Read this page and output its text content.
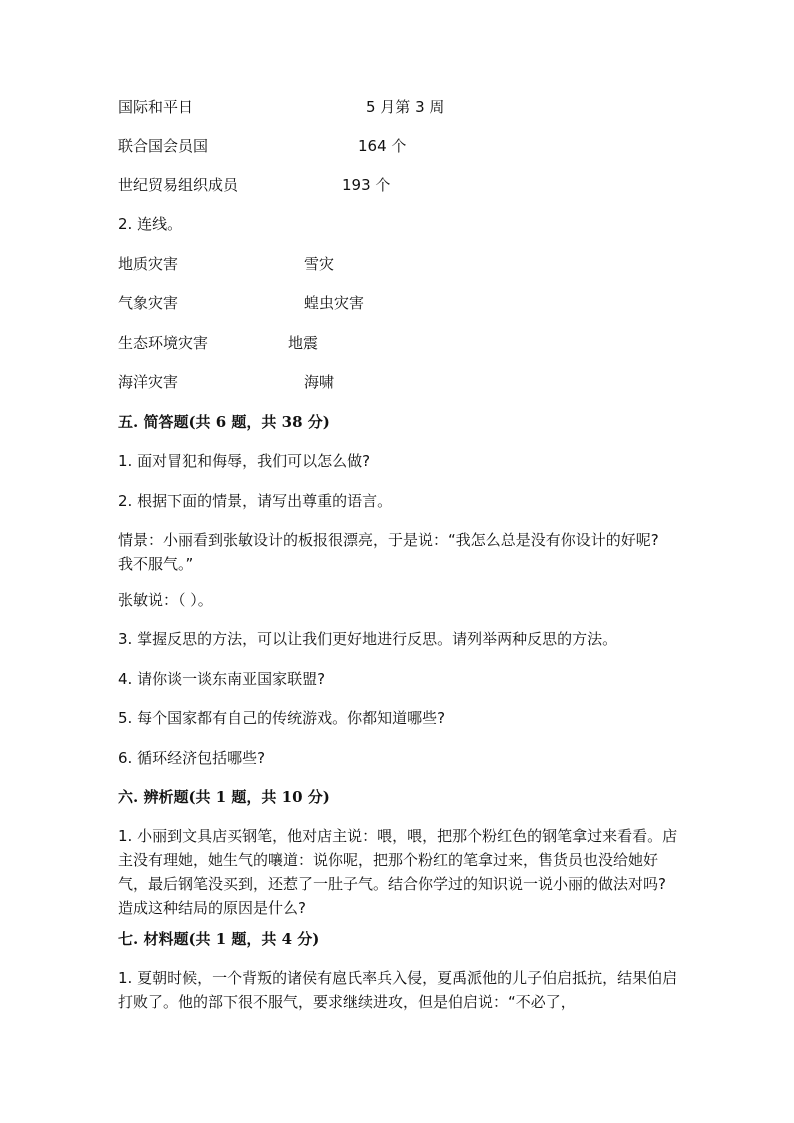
国际和平日	5 月第 3 周
联合国会员国	164 个
世纪贸易组织成员	193 个
2. 连线。
地质灾害	雪灾
气象灾害	蝗虫灾害
生态环境灾害	地震
海洋灾害	海啸
五. 简答题(共 6 题，共 38 分)
1. 面对冒犯和侮辱，我们可以怎么做?
2. 根据下面的情景，请写出尊重的语言。
情景：小丽看到张敏设计的板报很漂亮，于是说：“我怎么总是没有你设计的好呢? 我不服气。”
张敏说：（ ）。
3. 掌握反思的方法，可以让我们更好地进行反思。请列举两种反思的方法。
4. 请你谈一谈东南亚国家联盟?
5. 每个国家都有自己的传统游戏。你都知道哪些?
6. 循环经济包括哪些?
六. 辨析题(共 1 题，共 10 分)
1. 小丽到文具店买钢笔，他对店主说：喂，喂，把那个粉红色的钢笔拿过来看看。店主没有理她，她生气的嚷道：说你呢，把那个粉红的笔拿过来，售货员也没给她好气，最后钢笔没买到，还惹了一肚子气。结合你学过的知识说一说小丽的做法对吗? 造成这种结局的原因是什么?
七. 材料题(共 1 题，共 4 分)
1. 夏朝时候，一个背叛的诸侯有扈氏率兵入侵，夏禹派他的儿子伯启抵抗，结果伯启打败了。他的部下很不服气，要求继续进攻，但是伯启说：“不必了，
